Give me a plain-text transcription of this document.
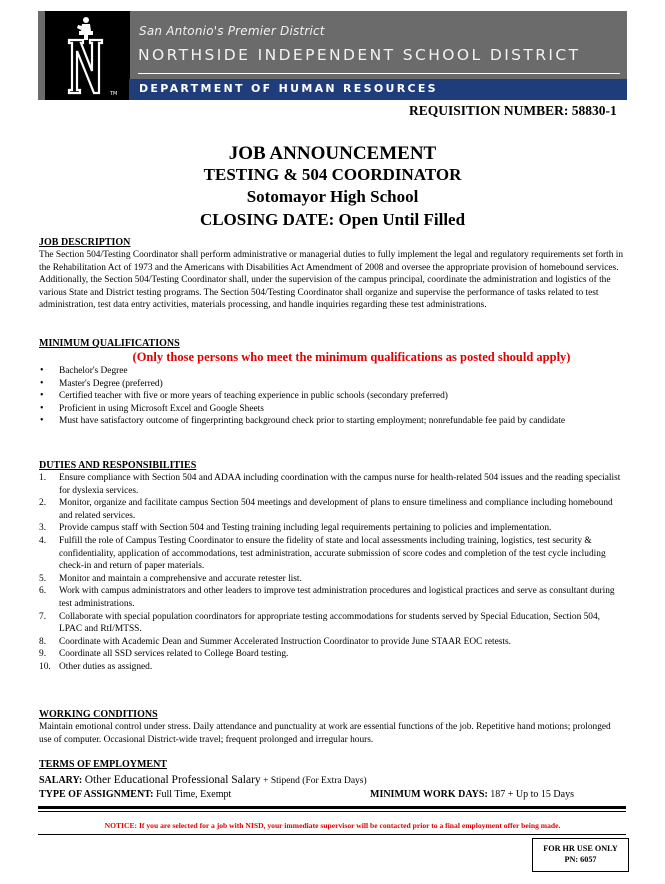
TM
N
San Antonio's Premier District
NORTHSIDE INDEPENDENT SCHOOL DISTRICT
DEPARTMENT OF HUMAN RESOURCES
REQUISITION NUMBER: 58830-1
JOB ANNOUNCEMENT
TESTING & 504 COORDINATOR
Sotomayor High School
CLOSING DATE: Open Until Filled
JOB DESCRIPTION
The Section 504/Testing Coordinator shall perform administrative or managerial duties to fully implement the legal and regulatory requirements set forth in the Rehabilitation Act of 1973 and the Americans with Disabilities Act Amendment of 2008 and oversee the appropriate provision of homebound services. Additionally, the Section 504/Testing Coordinator shall, under the supervision of the campus principal, coordinate the administration and logistics of the various State and District testing programs. The Section 504/Testing Coordinator shall organize and supervise the performance of tasks related to test administration, test data entry activities, materials processing, and handle inquiries regarding these test administrations.
MINIMUM QUALIFICATIONS
(Only those persons who meet the minimum qualifications as posted should apply)
• Bachelor's Degree
• Master's Degree (preferred)
• Certified teacher with five or more years of teaching experience in public schools (secondary preferred)
• Proficient in using Microsoft Excel and Google Sheets
• Must have satisfactory outcome of fingerprinting background check prior to starting employment; nonrefundable fee paid by candidate
DUTIES AND RESPONSIBILITIES
1. Ensure compliance with Section 504 and ADAA including coordination with the campus nurse for health-related 504 issues and the reading specialist for dyslexia services.
2. Monitor, organize and facilitate campus Section 504 meetings and development of plans to ensure timeliness and compliance including homebound and related services.
3. Provide campus staff with Section 504 and Testing training including legal requirements pertaining to policies and implementation.
4. Fulfill the role of Campus Testing Coordinator to ensure the fidelity of state and local assessments including training, logistics, test security & confidentiality, application of accommodations, test administration, accurate submission of score codes and completion of the test cycle including check-in and return of paper materials.
5. Monitor and maintain a comprehensive and accurate retester list.
6. Work with campus administrators and other leaders to improve test administration procedures and logistical practices and serve as consultant during test administrations.
7. Collaborate with special population coordinators for appropriate testing accommodations for students served by Special Education, Section 504, LPAC and RtI/MTSS.
8. Coordinate with Academic Dean and Summer Accelerated Instruction Coordinator to provide June STAAR EOC retests.
9. Coordinate all SSD services related to College Board testing.
10. Other duties as assigned.
WORKING CONDITIONS
Maintain emotional control under stress. Daily attendance and punctuality at work are essential functions of the job. Repetitive hand motions; prolonged use of computer. Occasional District-wide travel; frequent prolonged and irregular hours.
TERMS OF EMPLOYMENT
SALARY: Other Educational Professional Salary + Stipend (For Extra Days)
TYPE OF ASSIGNMENT: Full Time, Exempt	MINIMUM WORK DAYS: 187 + Up to 15 Days
NOTICE: If you are selected for a job with NISD, your immediate supervisor will be contacted prior to a final employment offer being made.
FOR HR USE ONLY
PN: 6057
